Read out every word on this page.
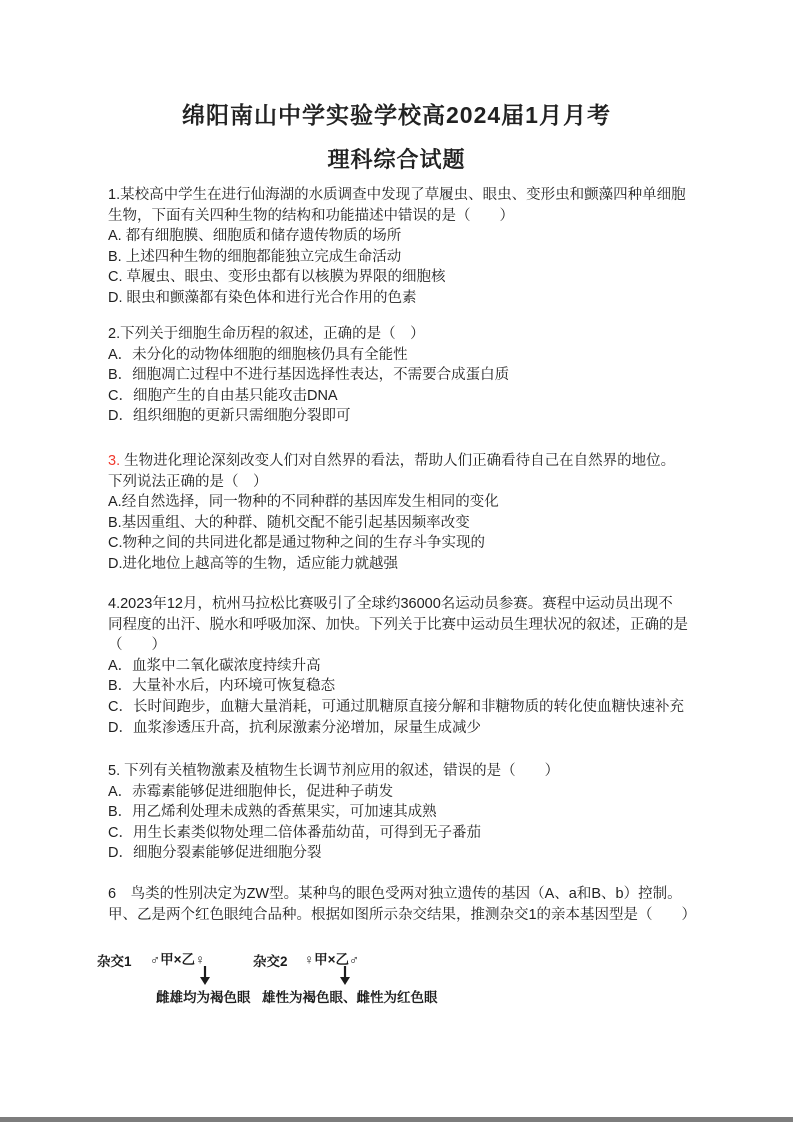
绵阳南山中学实验学校高2024届1月月考
理科综合试题
1.某校高中学生在进行仙海湖的水质调查中发现了草履虫、眼虫、变形虫和颤藻四种单细胞
生物，下面有关四种生物的结构和功能描述中错误的是（　　）
A. 都有细胞膜、细胞质和储存遗传物质的场所
B. 上述四种生物的细胞都能独立完成生命活动
C. 草履虫、眼虫、变形虫都有以核膜为界限的细胞核
D. 眼虫和颤藻都有染色体和进行光合作用的色素
2.下列关于细胞生命历程的叙述，正确的是（　）
A．未分化的动物体细胞的细胞核仍具有全能性
B．细胞凋亡过程中不进行基因选择性表达，不需要合成蛋白质
C．细胞产生的自由基只能攻击DNA
D．组织细胞的更新只需细胞分裂即可
3. 生物进化理论深刻改变人们对自然界的看法，帮助人们正确看待自己在自然界的地位。
下列说法正确的是（　）
A.经自然选择，同一物种的不同种群的基因库发生相同的变化
B.基因重组、大的种群、随机交配不能引起基因频率改变
C.物种之间的共同进化都是通过物种之间的生存斗争实现的
D.进化地位上越高等的生物，适应能力就越强
4.2023年12月，杭州马拉松比赛吸引了全球约36000名运动员参赛。赛程中运动员出现不
同程度的出汗、脱水和呼吸加深、加快。下列关于比赛中运动员生理状况的叙述，正确的是
（　　）
A．血浆中二氧化碳浓度持续升高
B．大量补水后，内环境可恢复稳态
C．长时间跑步，血糖大量消耗，可通过肌糖原直接分解和非糖物质的转化使血糖快速补充
D．血浆渗透压升高，抗利尿激素分泌增加，尿量生成减少
5. 下列有关植物激素及植物生长调节剂应用的叙述，错误的是（　　）
A．赤霉素能够促进细胞伸长，促进种子萌发
B．用乙烯利处理未成熟的香蕉果实，可加速其成熟
C．用生长素类似物处理二倍体番茄幼苗，可得到无子番茄
D．细胞分裂素能够促进细胞分裂
6　鸟类的性别决定为ZW型。某种鸟的眼色受两对独立遗传的基因（A、a和B、b）控制。
甲、乙是两个红色眼纯合品种。根据如图所示杂交结果，推测杂交1的亲本基因型是（　　）
杂交1 ♂甲×乙♀	杂交2 ♀甲×乙♂
雌雄均为褐色眼 雄性为褐色眼、雌性为红色眼
